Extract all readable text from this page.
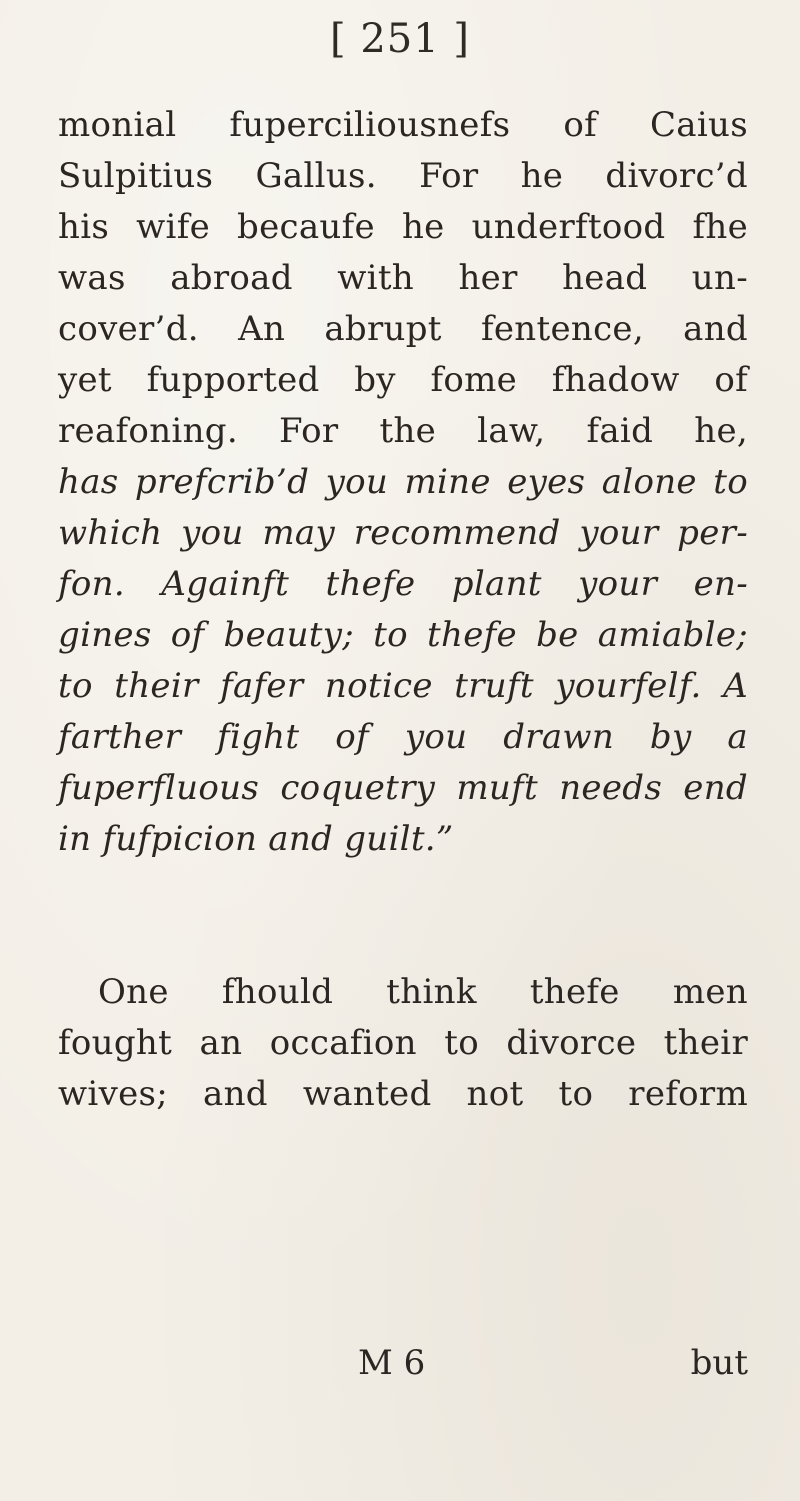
[ 251 ]
monial fuperciliousnefs of Caius
Sulpitius Gallus. For he divorc’d
his wife becaufe he underftood fhe
was abroad with her head un-
cover’d. An abrupt fentence, and
yet fupported by fome fhadow of
reafoning. For the law, faid he,
has prefcrib’d you mine eyes alone to
which you may recommend your per-
fon. Againft thefe plant your en-
gines of beauty; to thefe be amiable;
to their fafer notice truft yourfelf. A
farther fight of you drawn by a
fuperfluous coquetry muft needs end
in fufpicion and guilt.”
One fhould think thefe men
fought an occafion to divorce their
wives; and wanted not to reform
M 6	but
